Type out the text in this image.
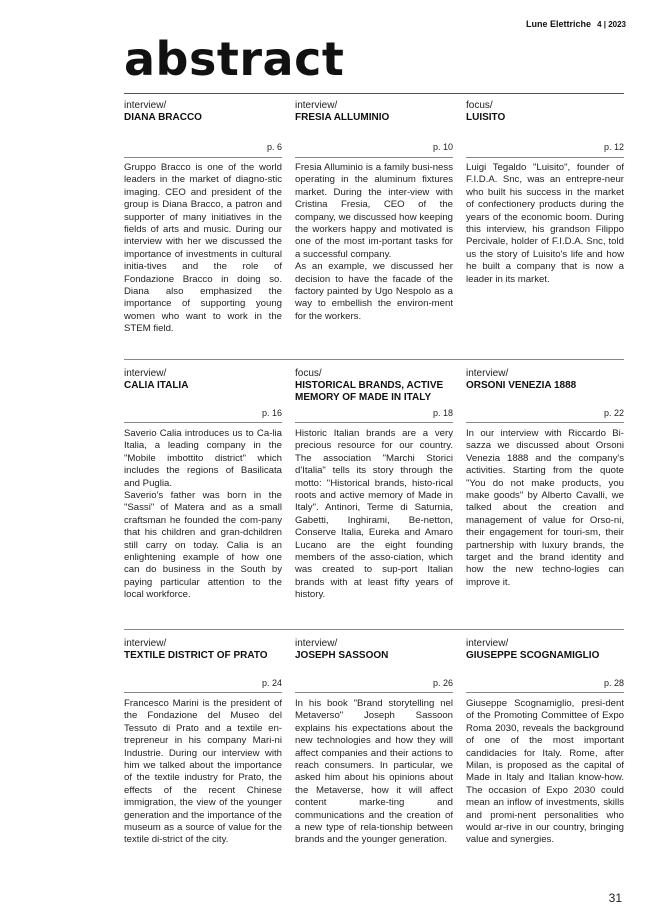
Lune Elettriche 4 | 2023
abstract
interview/
DIANA BRACCO
p. 6
Gruppo Bracco is one of the world leaders in the market of diagno-stic imaging. CEO and president of the group is Diana Bracco, a patron and supporter of many initiatives in the fields of arts and music. During our interview with her we discussed the importance of investments in cultural initia-tives and the role of Fondazione Bracco in doing so. Diana also emphasized the importance of supporting young women who want to work in the STEM field.
interview/
FRESIA ALLUMINIO
p. 10
Fresia Alluminio is a family busi-ness operating in the aluminum fixtures market. During the inter-view with Cristina Fresia, CEO of the company, we discussed how keeping the workers happy and motivated is one of the most im-portant tasks for a successful company.
As an example, we discussed her decision to have the facade of the factory painted by Ugo Nespolo as a way to embellish the environ-ment for the workers.
focus/
LUISITO
p. 12
Luigi Tegaldo "Luisito", founder of F.I.D.A. Snc, was an entrepre-neur who built his success in the market of confectionery products during the years of the economic boom. During this interview, his grandson Filippo Percivale, holder of F.I.D.A. Snc, told us the story of Luisito's life and how he built a company that is now a leader in its market.
interview/
CALIA ITALIA
p. 16
Saverio Calia introduces us to Ca-lia Italia, a leading company in the "Mobile imbottito district" which includes the regions of Basilicata and Puglia.
Saverio's father was born in the "Sassi" of Matera and as a small craftsman he founded the com-pany that his children and gran-dchildren still carry on today. Calia is an enlightening example of how one can do business in the South by paying particular attention to the local workforce.
focus/
HISTORICAL BRANDS, ACTIVE MEMORY OF MADE IN ITALY
p. 18
Historic Italian brands are a very precious resource for our country. The association "Marchi Storici d'Italia" tells its story through the motto: "Historical brands, histo-rical roots and active memory of Made in Italy". Antinori, Terme di Saturnia, Gabetti, Inghirami, Be-netton, Conserve Italia, Eureka and Amaro Lucano are the eight founding members of the asso-ciation, which was created to sup-port Italian brands with at least fifty years of history.
interview/
ORSONI VENEZIA 1888
p. 22
In our interview with Riccardo Bi-sazza we discussed about Orsoni Venezia 1888 and the company's activities. Starting from the quote "You do not make products, you make goods" by Alberto Cavalli, we talked about the creation and management of value for Orso-ni, their engagement for touri-sm, their partnership with luxury brands, the target and the brand identity and how the new techno-logies can improve it.
interview/
TEXTILE DISTRICT OF PRATO
p. 24
Francesco Marini is the president of the Fondazione del Museo del Tessuto di Prato and a textile en-trepreneur in his company Mari-ni Industrie. During our interview with him we talked about the importance of the textile industry for Prato, the effects of the recent Chinese immigration, the view of the younger generation and the importance of the museum as a source of value for the textile di-strict of the city.
interview/
JOSEPH SASSOON
p. 26
In his book "Brand storytelling nel Metaverso" Joseph Sassoon explains his expectations about the new technologies and how they will affect companies and their actions to reach consumers. In particular, we asked him about his opinions about the Metaverse, how it will affect content marke-ting and communications and the creation of a new type of rela-tionship between brands and the younger generation.
interview/
GIUSEPPE SCOGNAMIGLIO
p. 28
Giuseppe Scognamiglio, presi-dent of the Promoting Committee of Expo Roma 2030, reveals the background of one of the most important candidacies for Italy. Rome, after Milan, is proposed as the capital of Made in Italy and Italian know-how. The occasion of Expo 2030 could mean an inflow of investments, skills and promi-nent personalities who would ar-rive in our country, bringing value and synergies.
31
